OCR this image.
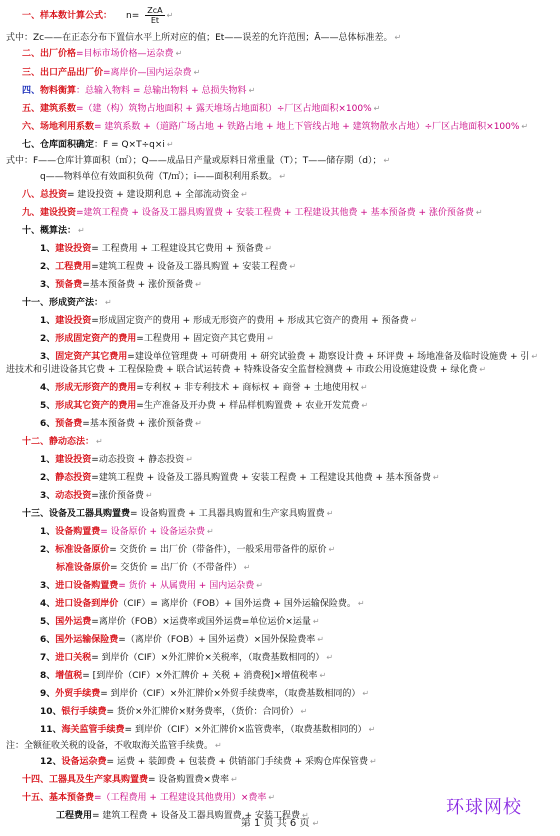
一、样本数计算公式： $n= \frac{\text{ZcA}}{Et}$ ↵
式中：Zc——在正态分布下置信水平上所对应的值；Et——误差的允许范围；Ā——总体标准差。 ↵
二、出厂价格=目标市场价格—运杂费 ↵
三、出口产品出厂价=离岸价—国内运杂费 ↵
四、物料衡算：总输入物料 = 总输出物料 + 总损失物料 ↵
五、建筑系数=（建（构）筑物占地面积 + 露天堆场占地面积）÷厂区占地面积×100% ↵
六、场地利用系数= 建筑系数 +（道路广场占地 + 铁路占地 + 地上下管线占地 + 建筑物散水占地）÷厂区占地面积×100% ↵
七、仓库面积确定：F = Q×T÷q×i ↵
式中：F——仓库计算面积（㎡）；Q——成品日产量或原料日常重量（T）；T——储存期（d）； ↵
q——物料单位有效面积负荷（T/㎡）；i——面积利用系数。 ↵
八、总投资= 建设投资 + 建设期利息 + 全部流动资金 ↵
九、建设投资=建筑工程费 + 设备及工器具购置费 + 安装工程费 + 工程建设其他费 + 基本预备费 + 涨价预备费 ↵
十、概算法： ↵
1、建设投资= 工程费用 + 工程建设其它费用 + 预备费 ↵
2、工程费用=建筑工程费 + 设备及工器具购置 + 安装工程费 ↵
3、预备费=基本预备费 + 涨价预备费 ↵
十一、形成资产法： ↵
1、建设投资=形成固定资产的费用 + 形成无形资产的费用 + 形成其它资产的费用 + 预备费 ↵
2、形成固定资产的费用=工程费用 + 固定资产其它费用 ↵
3、固定资产其它费用=建设单位管理费 + 可研费用 + 研究试验费 + 勘察设计费 + 环评费 + 场地准备及临时设施费 + 引 ↵
进技术和引进设备其它费 + 工程保险费 + 联合试运转费 + 特殊设备安全监督检测费 + 市政公用设施建设费 + 绿化费 ↵
4、形成无形资产的费用=专利权 + 非专利技术 + 商标权 + 商誉 + 土地使用权 ↵
5、形成其它资产的费用=生产准备及开办费 + 样品样机购置费 + 农业开发荒费 ↵
6、预备费=基本预备费 + 涨价预备费 ↵
十二、静动态法： ↵
1、建设投资=动态投资 + 静态投资 ↵
2、静态投资=建筑工程费 + 设备及工器具购置费 + 安装工程费 + 工程建设其他费 + 基本预备费 ↵
3、动态投资=涨价预备费 ↵
十三、设备及工器具购置费= 设备购置费 + 工具器具购置和生产家具购置费 ↵
1、设备购置费= 设备原价 + 设备运杂费 ↵
2、标准设备原价= 交货价 = 出厂价（带备件），一般采用带备件的原价 ↵
标准设备原价= 交货价 = 出厂价（不带备件） ↵
3、进口设备购置费= 货价 + 从属费用 + 国内运杂费 ↵
4、进口设备到岸价（CIF）= 离岸价（FOB）+ 国外运费 + 国外运输保险费。 ↵
5、国外运费=离岸价（FOB）×运费率或国外运费=单位运价×运量 ↵
6、国外运输保险费=（离岸价（FOB）+ 国外运费）×国外保险费率 ↵
7、进口关税= 到岸价（CIF）×外汇牌价×关税率，（取费基数相同的） ↵
8、增值税= [到岸价（CIF）×外汇牌价 + 关税 + 消费税]×增值税率 ↵
9、外贸手续费= 到岸价（CIF）×外汇牌价×外贸手续费率，（取费基数相同的） ↵
10、银行手续费= 货价×外汇牌价×财务费率，（货价：合同价） ↵
11、海关监管手续费= 到岸价（CIF）×外汇牌价×监管费率，（取费基数相同的） ↵
注：全额征收关税的设备，不收取海关监管手续费。 ↵
12、设备运杂费= 运费 + 装卸费 + 包装费 + 供销部门手续费 + 采购仓库保管费 ↵
十四、工器具及生产家具购置费= 设备购置费×费率 ↵
十五、基本预备费=（工程费用 + 工程建设其他费用）×费率 ↵
工程费用= 建筑工程费 + 设备及工器具购置费 + 安装工程费 ↵
第 1 页 共 6 页 ↵
环球网校
